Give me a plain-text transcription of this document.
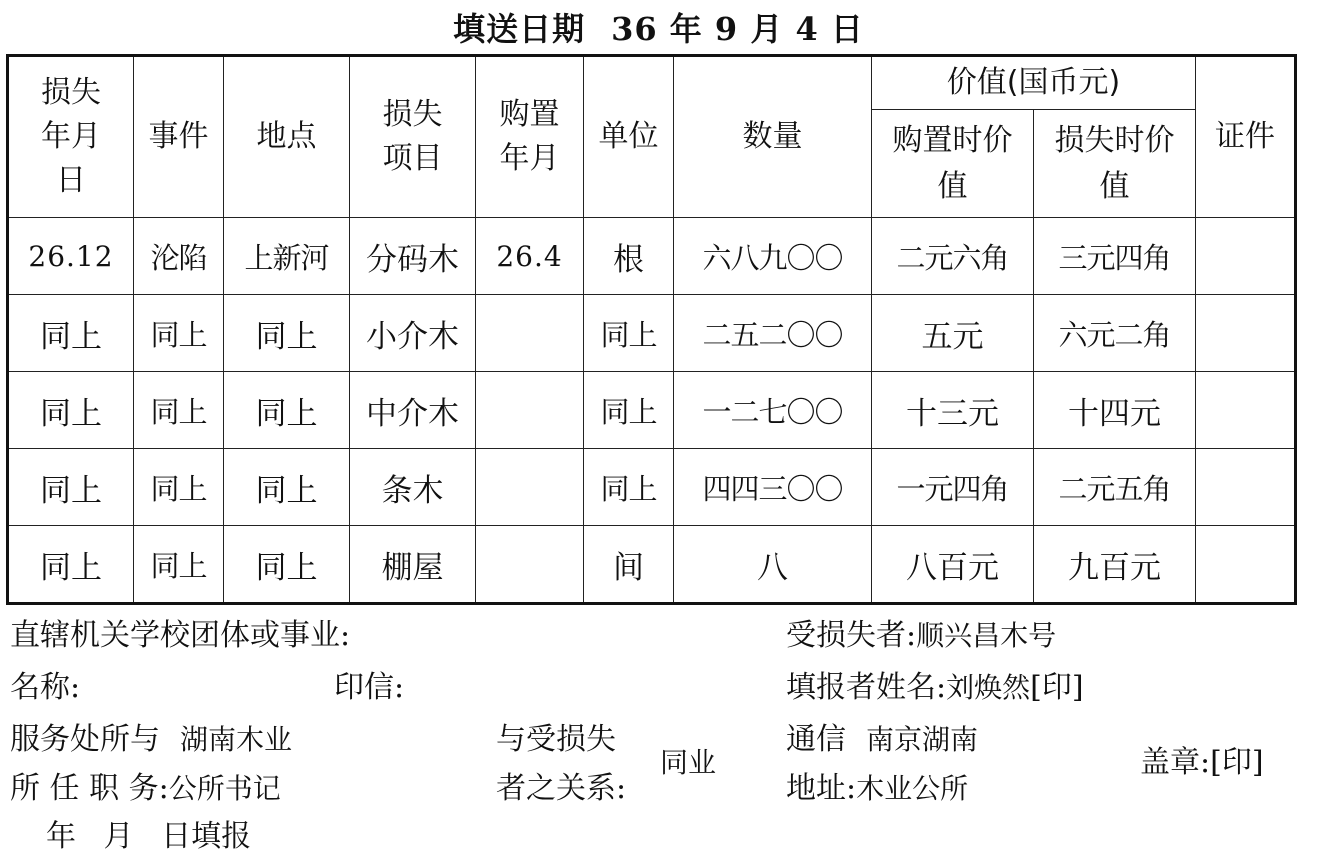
填送日期 36 年 9 月 4 日
损失年月日	事件	地点	损失项目	购置年月	单位	数量	价值(国币元)		证件

							购置时价值	损失时价值	

26.12	沦陷	上新河	分码木	26.4	根	六八九〇〇	二元六角	三元四角	
同上	同上	同上	小介木		同上	二五二〇〇	五元	六元二角	
同上	同上	同上	中介木		同上	一二七〇〇	十三元	十四元	
同上	同上	同上	条木		同上	四四三〇〇	一元四角	二元五角	
同上	同上	同上	棚屋		间	八	八百元	九百元	
直辖机关学校团体或事业:
名称:	印信:
服务处所与 湖南木业
所 任 职 务:公所书记
年 月 日填报
与受损失
者之关系:
同业
受损失者:顺兴昌木号
填报者姓名:刘焕然[印]
通信 南京湖南
地址:木业公所
盖章:[印]
